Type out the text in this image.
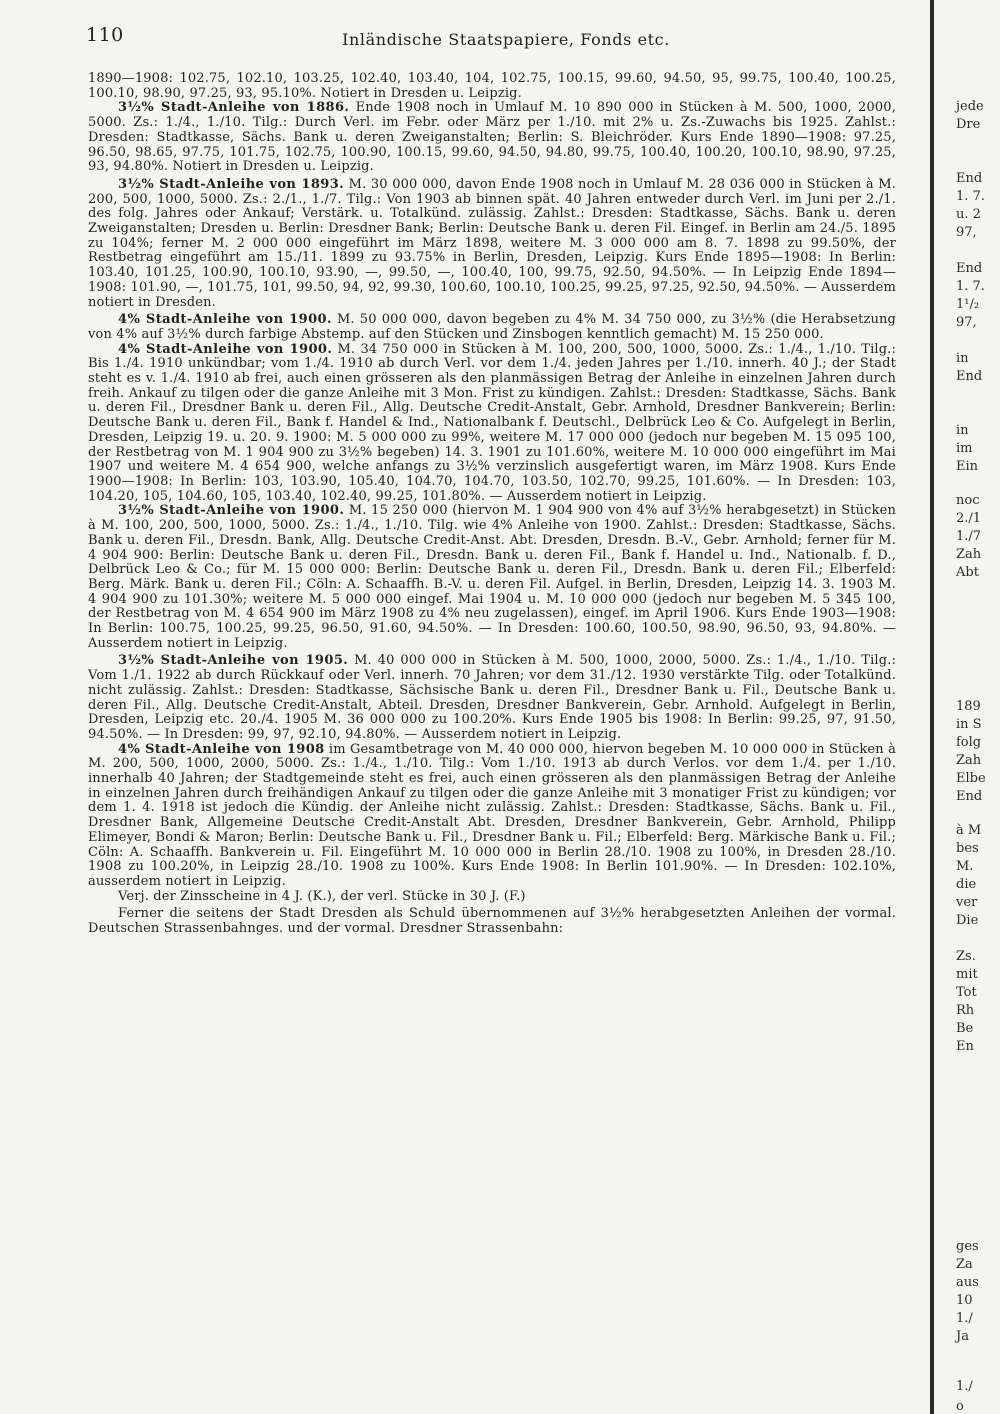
110	Inländische Staatspapiere, Fonds etc.

1890—1908: 102.75, 102.10, 103.25, 102.40, 103.40, 104, 102.75, 100.15, 99.60, 94.50, 95, 99.75, 100.40, 100.25, 100.10, 98.90, 97.25, 93, 95.10%. Notiert in Dresden u. Leipzig.

3½% Stadt-Anleihe von 1886. Ende 1908 noch in Umlauf M. 10 890 000 in Stücken à M. 500, 1000, 2000, 5000. Zs.: 1./4., 1./10. Tilg.: Durch Verl. im Febr. oder März per 1./10. mit 2% u. Zs.-Zuwachs bis 1925. Zahlst.: Dresden: Stadtkasse, Sächs. Bank u. deren Zweiganstalten; Berlin: S. Bleichröder. Kurs Ende 1890—1908: 97.25, 96.50, 98.65, 97.75, 101.75, 102.75, 100.90, 100.15, 99.60, 94.50, 94.80, 99.75, 100.40, 100.20, 100.10, 98.90, 97.25, 93, 94.80%. Notiert in Dresden u. Leipzig.

3½% Stadt-Anleihe von 1893. M. 30 000 000, davon Ende 1908 noch in Umlauf M. 28 036 000 in Stücken à M. 200, 500, 1000, 5000. Zs.: 2./1., 1./7. Tilg.: Von 1903 ab binnen spät. 40 Jahren entweder durch Verl. im Juni per 2./1. des folg. Jahres oder Ankauf; Verstärk. u. Totalkünd. zulässig. Zahlst.: Dresden: Stadtkasse, Sächs. Bank u. deren Zweiganstalten; Dresden u. Berlin: Dresdner Bank; Berlin: Deutsche Bank u. deren Fil. Eingef. in Berlin am 24./5. 1895 zu 104%; ferner M. 2 000 000 eingeführt im März 1898, weitere M. 3 000 000 am 8. 7. 1898 zu 99.50%, der Restbetrag eingeführt am 15./11. 1899 zu 93.75% in Berlin, Dresden, Leipzig. Kurs Ende 1895—1908: In Berlin: 103.40, 101.25, 100.90, 100.10, 93.90, —, 99.50, —, 100.40, 100, 99.75, 92.50, 94.50%. — In Leipzig Ende 1894—1908: 101.90, —, 101.75, 101, 99.50, 94, 92, 99.30, 100.60, 100.10, 100.25, 99.25, 97.25, 92.50, 94.50%. — Ausserdem notiert in Dresden.

4% Stadt-Anleihe von 1900. M. 50 000 000, davon begeben zu 4% M. 34 750 000, zu 3½% (die Herabsetzung von 4% auf 3½% durch farbige Abstemp. auf den Stücken und Zinsbogen kenntlich gemacht) M. 15 250 000.

4% Stadt-Anleihe von 1900. M. 34 750 000 in Stücken à M. 100, 200, 500, 1000, 5000. Zs.: 1./4., 1./10. Tilg.: Bis 1./4. 1910 unkündbar; vom 1./4. 1910 ab durch Verl. vor dem 1./4. jeden Jahres per 1./10. innerh. 40 J.; der Stadt steht es v. 1./4. 1910 ab frei, auch einen grösseren als den planmässigen Betrag der Anleihe in einzelnen Jahren durch freih. Ankauf zu tilgen oder die ganze Anleihe mit 3 Mon. Frist zu kündigen. Zahlst.: Dresden: Stadtkasse, Sächs. Bank u. deren Fil., Dresdner Bank u. deren Fil., Allg. Deutsche Credit-Anstalt, Gebr. Arnhold, Dresdner Bankverein; Berlin: Deutsche Bank u. deren Fil., Bank f. Handel & Ind., Nationalbank f. Deutschl., Delbrück Leo & Co. Aufgelegt in Berlin, Dresden, Leipzig 19. u. 20. 9. 1900: M. 5 000 000 zu 99%, weitere M. 17 000 000 (jedoch nur begeben M. 15 095 100, der Restbetrag von M. 1 904 900 zu 3½% begeben) 14. 3. 1901 zu 101.60%, weitere M. 10 000 000 eingeführt im Mai 1907 und weitere M. 4 654 900, welche anfangs zu 3½% verzinslich ausgefertigt waren, im März 1908. Kurs Ende 1900—1908: In Berlin: 103, 103.90, 105.40, 104.70, 104.70, 103.50, 102.70, 99.25, 101.60%. — In Dresden: 103, 104.20, 105, 104.60, 105, 103.40, 102.40, 99.25, 101.80%. — Ausserdem notiert in Leipzig.

3½% Stadt-Anleihe von 1900. M. 15 250 000 (hiervon M. 1 904 900 von 4% auf 3½% herabgesetzt) in Stücken à M. 100, 200, 500, 1000, 5000. Zs.: 1./4., 1./10. Tilg. wie 4% Anleihe von 1900. Zahlst.: Dresden: Stadtkasse, Sächs. Bank u. deren Fil., Dresdn. Bank, Allg. Deutsche Credit-Anst. Abt. Dresden, Dresdn. B.-V., Gebr. Arnhold; ferner für M. 4 904 900: Berlin: Deutsche Bank u. deren Fil., Dresdn. Bank u. deren Fil., Bank f. Handel u. Ind., Nationalb. f. D., Delbrück Leo & Co.; für M. 15 000 000: Berlin: Deutsche Bank u. deren Fil., Dresdn. Bank u. deren Fil.; Elberfeld: Berg. Märk. Bank u. deren Fil.; Cöln: A. Schaaffh. B.-V. u. deren Fil. Aufgel. in Berlin, Dresden, Leipzig 14. 3. 1903 M. 4 904 900 zu 101.30%; weitere M. 5 000 000 eingef. Mai 1904 u. M. 10 000 000 (jedoch nur begeben M. 5 345 100, der Restbetrag von M. 4 654 900 im März 1908 zu 4% neu zugelassen), eingef. im April 1906. Kurs Ende 1903—1908: In Berlin: 100.75, 100.25, 99.25, 96.50, 91.60, 94.50%. — In Dresden: 100.60, 100.50, 98.90, 96.50, 93, 94.80%. — Ausserdem notiert in Leipzig.

3½% Stadt-Anleihe von 1905. M. 40 000 000 in Stücken à M. 500, 1000, 2000, 5000. Zs.: 1./4., 1./10. Tilg.: Vom 1./1. 1922 ab durch Rückkauf oder Verl. innerh. 70 Jahren; vor dem 31./12. 1930 verstärkte Tilg. oder Totalkünd. nicht zulässig. Zahlst.: Dresden: Stadtkasse, Sächsische Bank u. deren Fil., Dresdner Bank u. Fil., Deutsche Bank u. deren Fil., Allg. Deutsche Credit-Anstalt, Abteil. Dresden, Dresdner Bankverein, Gebr. Arnhold. Aufgelegt in Berlin, Dresden, Leipzig etc. 20./4. 1905 M. 36 000 000 zu 100.20%. Kurs Ende 1905 bis 1908: In Berlin: 99.25, 97, 91.50, 94.50%. — In Dresden: 99, 97, 92.10, 94.80%. — Ausserdem notiert in Leipzig.

4% Stadt-Anleihe von 1908 im Gesamtbetrage von M. 40 000 000, hiervon begeben M. 10 000 000 in Stücken à M. 200, 500, 1000, 2000, 5000. Zs.: 1./4., 1./10. Tilg.: Vom 1./10. 1913 ab durch Verlos. vor dem 1./4. per 1./10. innerhalb 40 Jahren; der Stadtgemeinde steht es frei, auch einen grösseren als den planmässigen Betrag der Anleihe in einzelnen Jahren durch freihändigen Ankauf zu tilgen oder die ganze Anleihe mit 3 monatiger Frist zu kündigen; vor dem 1. 4. 1918 ist jedoch die Kündig. der Anleihe nicht zulässig. Zahlst.: Dresden: Stadtkasse, Sächs. Bank u. Fil., Dresdner Bank, Allgemeine Deutsche Credit-Anstalt Abt. Dresden, Dresdner Bankverein, Gebr. Arnhold, Philipp Elimeyer, Bondi & Maron; Berlin: Deutsche Bank u. Fil., Dresdner Bank u. Fil.; Elberfeld: Berg. Märkische Bank u. Fil.; Cöln: A. Schaaffh. Bankverein u. Fil. Eingeführt M. 10 000 000 in Berlin 28./10. 1908 zu 100%, in Dresden 28./10. 1908 zu 100.20%, in Leipzig 28./10. 1908 zu 100%. Kurs Ende 1908: In Berlin 101.90%. — In Dresden: 102.10%, ausserdem notiert in Leipzig.

Verj. der Zinsscheine in 4 J. (K.), der verl. Stücke in 30 J. (F.)

Ferner die seitens der Stadt Dresden als Schuld übernommenen auf 3½% herabgesetzten Anleihen der vormal. Deutschen Strassenbahnges. und der vormal. Dresdner Strassenbahn:

jede
Dre
End
1. 7.
u. 2
97,
End
1. 7.
1¹/₂
97,
in
End
in
im
Ein
noc
2./1
1./7
Zah
Abt
189
in S
folg
Zah
Elbe
End
à M
bes
M.
die
ver
Die
Zs.
mit
Tot
Rh
Be
En
ges
Za
aus
10
1./
Ja
1./
o
